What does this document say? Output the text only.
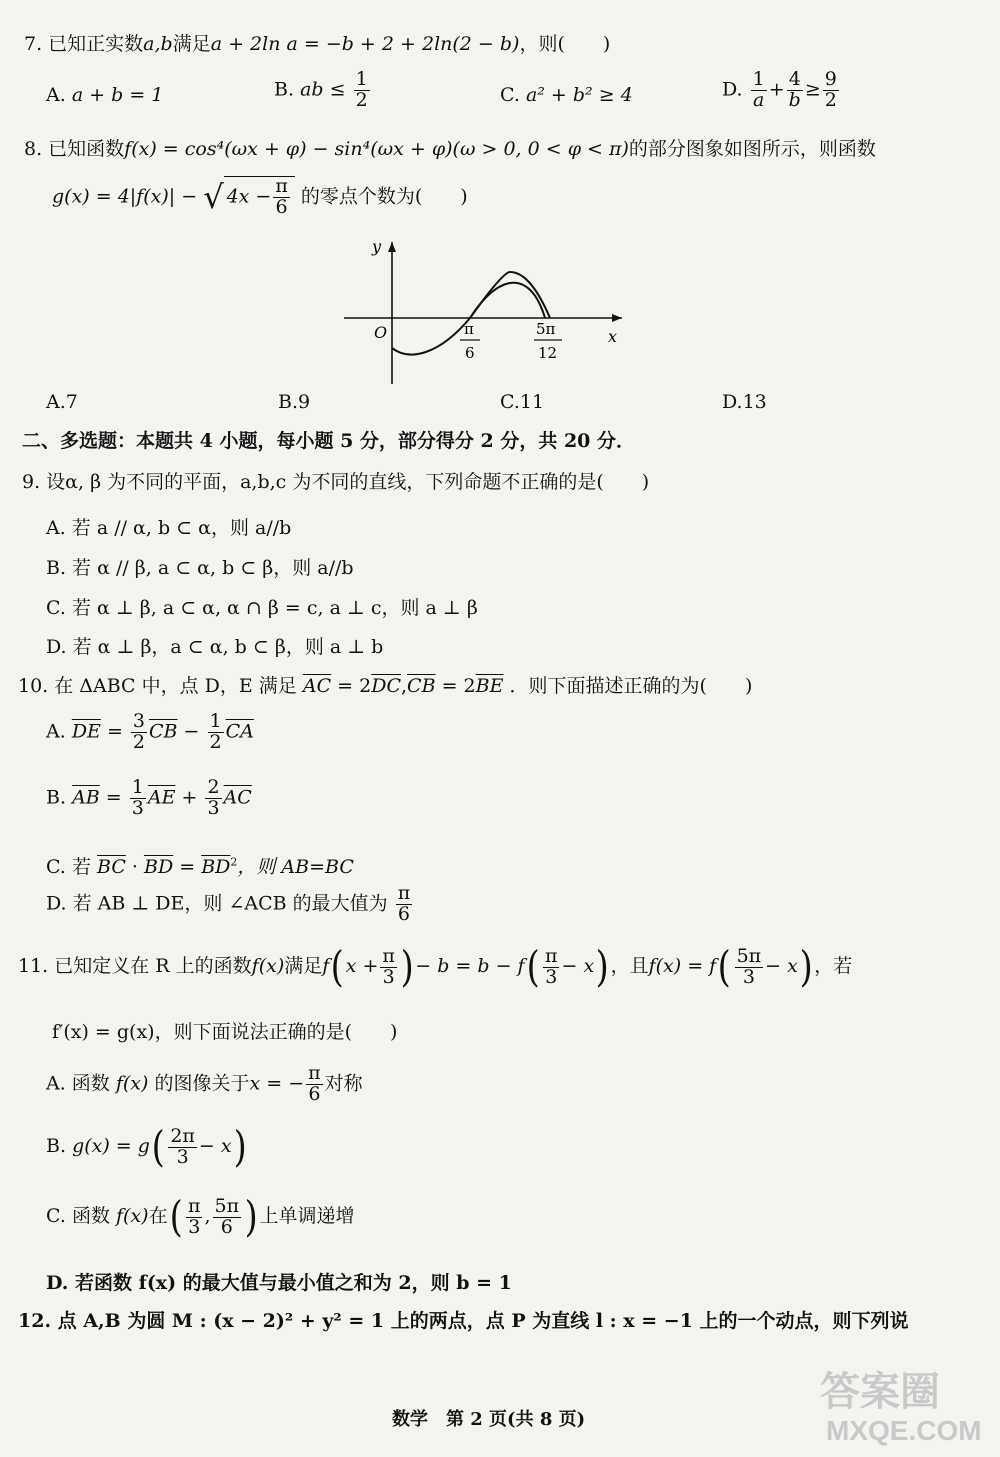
7. 已知正实数a,b满足a + 2ln a = −b + 2 + 2ln(2 − b)，则(　　)
A. a + b = 1	B. ab ≤ $\frac{1}{2}$	C. a² + b² ≥ 4	D. $\frac{1}{a} + \frac{4}{b} \ge \frac{9}{2}$
8. 已知函数f(x) = cos⁴(ωx + φ) − sin⁴(ωx + φ)(ω > 0, 0 < φ < π)的部分图象如图所示，则函数
g(x) = 4|f(x)| − √ $4x - \frac{\pi}{6}$ 的零点个数为(　　)
y
x
O	π
6
5π
12
A.7	B.9	C.11	D.13
二、多选题：本题共 4 小题，每小题 5 分，部分得分 2 分，共 20 分．
9. 设α, β 为不同的平面，a,b,c 为不同的直线，下列命题不正确的是(　　)
A. 若 a // α, b ⊂ α，则 a//b
B. 若 α // β, a ⊂ α, b ⊂ β，则 a//b
C. 若 α ⊥ β, a ⊂ α, α ∩ β = c, a ⊥ c，则 a ⊥ β
D. 若 α ⊥ β，a ⊂ α, b ⊂ β，则 a ⊥ b
10. 在 ΔABC 中，点 D，E 满足 $\overline{AC} = 2\overline{DC},\overline{CB} = 2\overline{BE}$ ．则下面描述正确的为(　　)
A. $\overline{DE} = \frac{3}{2} \overline{CB} - \frac{1}{2} \overline{CA}$
B. $\overline{AB} = \frac{1}{3} \overline{AE} + \frac{2}{3} \overline{AC}$
C. 若 $\overline{BC} \cdot \overline{BD} = \overline{BD}^2$，则 AB=BC
D. 若 AB ⊥ DE，则 ∠ACB 的最大值为 $\frac{\pi}{6}$
11. 已知定义在 R 上的函数f(x)满足$f(x + \frac{\pi}{3}$ )− $b = b - f( \frac{\pi}{3} - x)$，且$f(x) = f( \frac{5\pi}{3} - x)$，若
f′(x) = g(x)，则下面说法正确的是(　　)
A. 函数 f(x) 的图像关于x = − $\frac{\pi}{6}$ 对称
B. $g(x) = g( \frac{2\pi}{3} - x)$
C. 函数 f(x)在( $\frac{\pi}{3}$ , $\frac{5\pi}{6}$ )上单调递增
D. 若函数 f(x) 的最大值与最小值之和为 2，则 b = 1
12. 点 A,B 为圆 M : (x − 2)² + y² = 1 上的两点，点 P 为直线 l : x = −1 上的一个动点，则下列说
数学　第 2 页(共 8 页)
答案圈
MXQE.COM
